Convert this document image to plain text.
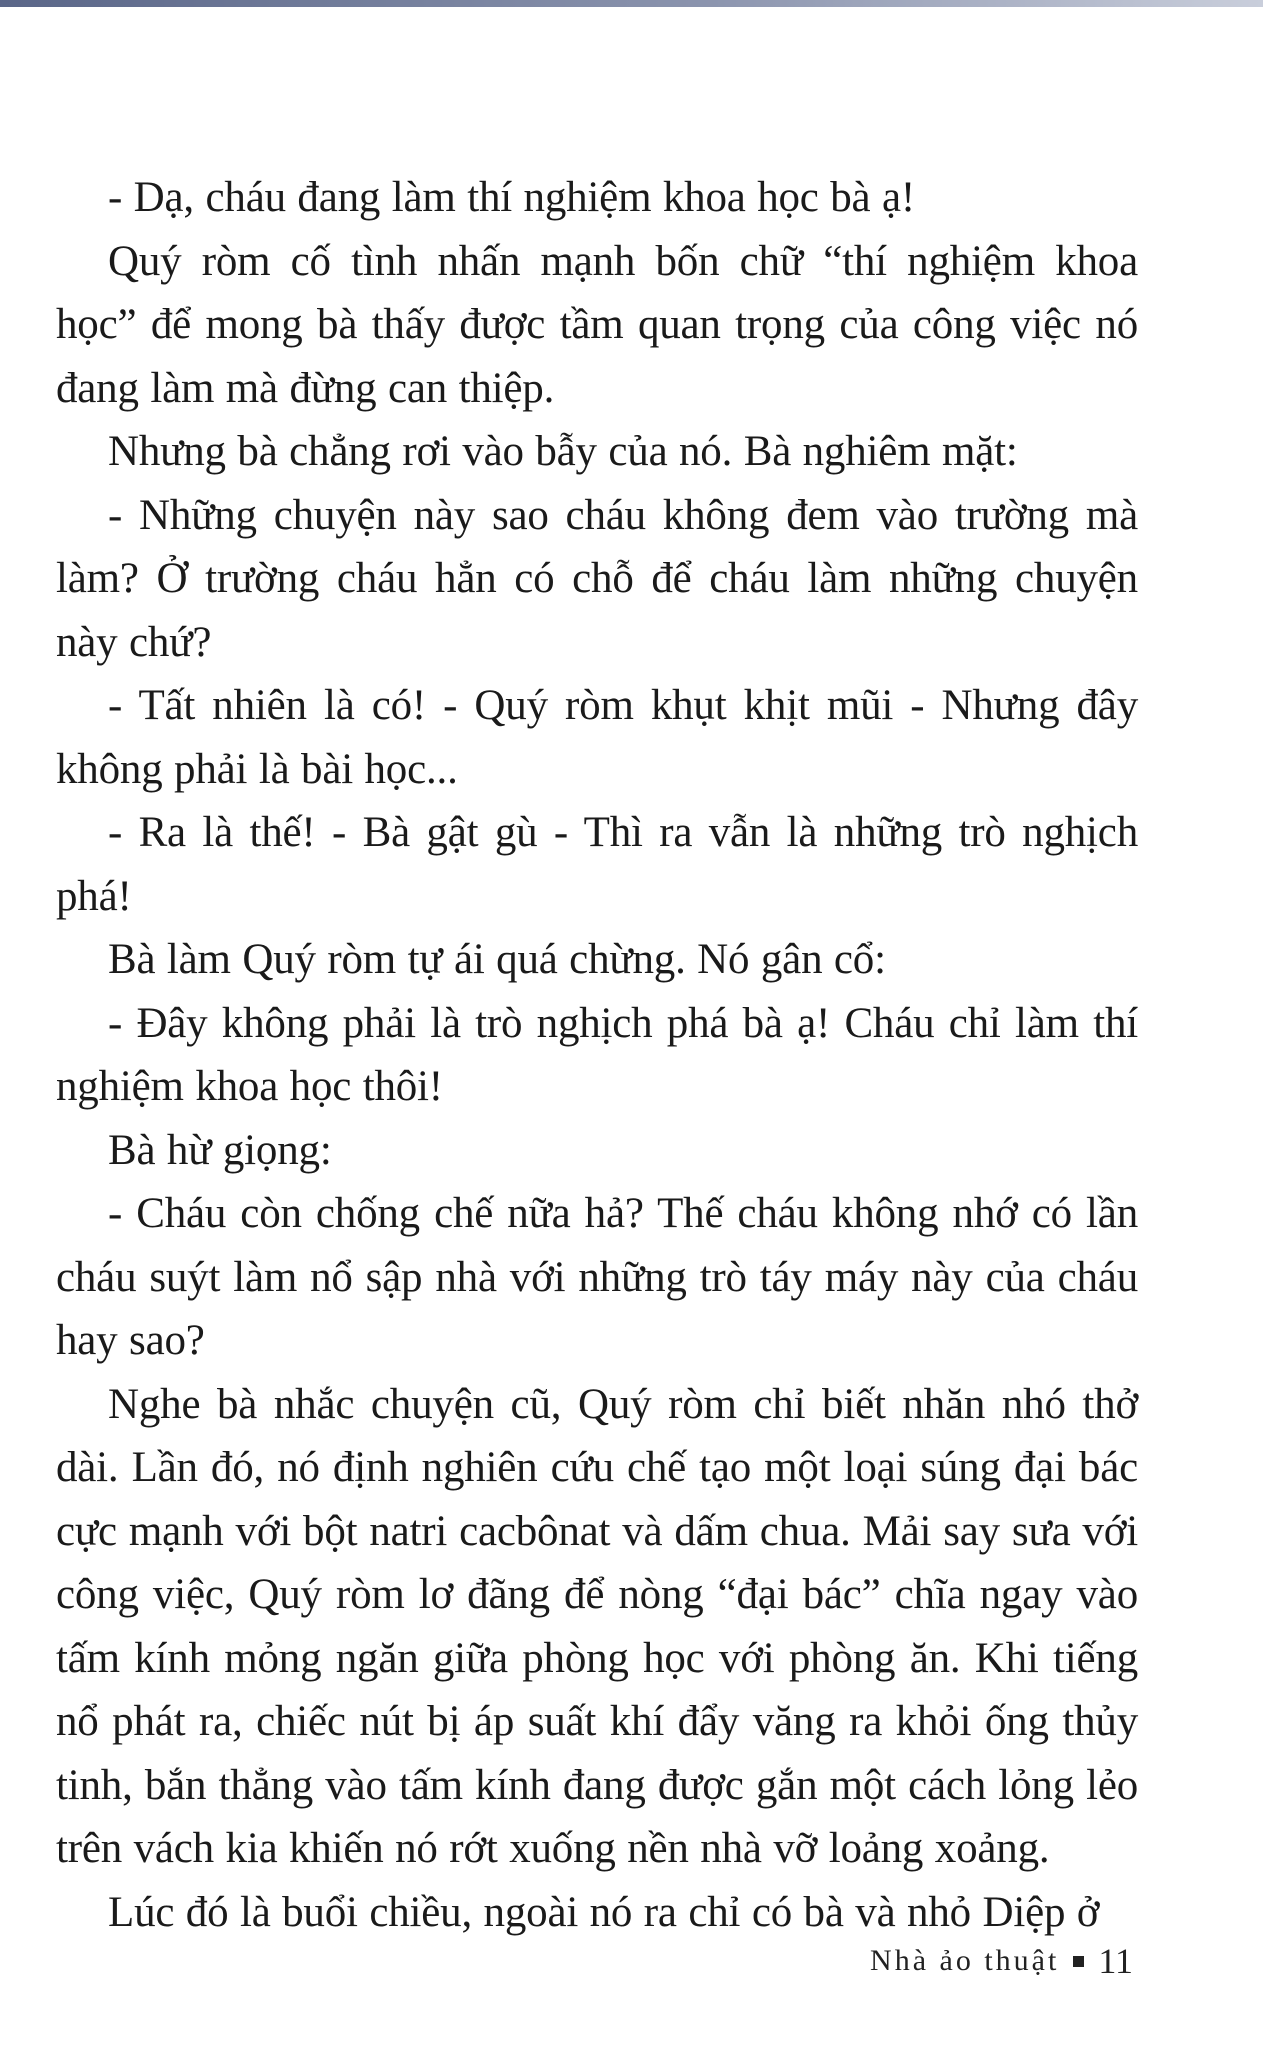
- Dạ, cháu đang làm thí nghiệm khoa học bà ạ!

Quý ròm cố tình nhấn mạnh bốn chữ “thí nghiệm khoa học” để mong bà thấy được tầm quan trọng của công việc nó đang làm mà đừng can thiệp.

Nhưng bà chẳng rơi vào bẫy của nó. Bà nghiêm mặt:

- Những chuyện này sao cháu không đem vào trường mà làm? Ở trường cháu hẳn có chỗ để cháu làm những chuyện này chứ?

- Tất nhiên là có! - Quý ròm khụt khịt mũi - Nhưng đây không phải là bài học...

- Ra là thế! - Bà gật gù - Thì ra vẫn là những trò nghịch phá!

Bà làm Quý ròm tự ái quá chừng. Nó gân cổ:

- Đây không phải là trò nghịch phá bà ạ! Cháu chỉ làm thí nghiệm khoa học thôi!

Bà hừ giọng:

- Cháu còn chống chế nữa hả? Thế cháu không nhớ có lần cháu suýt làm nổ sập nhà với những trò táy máy này của cháu hay sao?

Nghe bà nhắc chuyện cũ, Quý ròm chỉ biết nhăn nhó thở dài. Lần đó, nó định nghiên cứu chế tạo một loại súng đại bác cực mạnh với bột natri cacbônat và dấm chua. Mải say sưa với công việc, Quý ròm lơ đãng để nòng “đại bác” chĩa ngay vào tấm kính mỏng ngăn giữa phòng học với phòng ăn. Khi tiếng nổ phát ra, chiếc nút bị áp suất khí đẩy văng ra khỏi ống thủy tinh, bắn thẳng vào tấm kính đang được gắn một cách lỏng lẻo trên vách kia khiến nó rớt xuống nền nhà vỡ loảng xoảng.

Lúc đó là buổi chiều, ngoài nó ra chỉ có bà và nhỏ Diệp ở

Nhà ảo thuật 11
